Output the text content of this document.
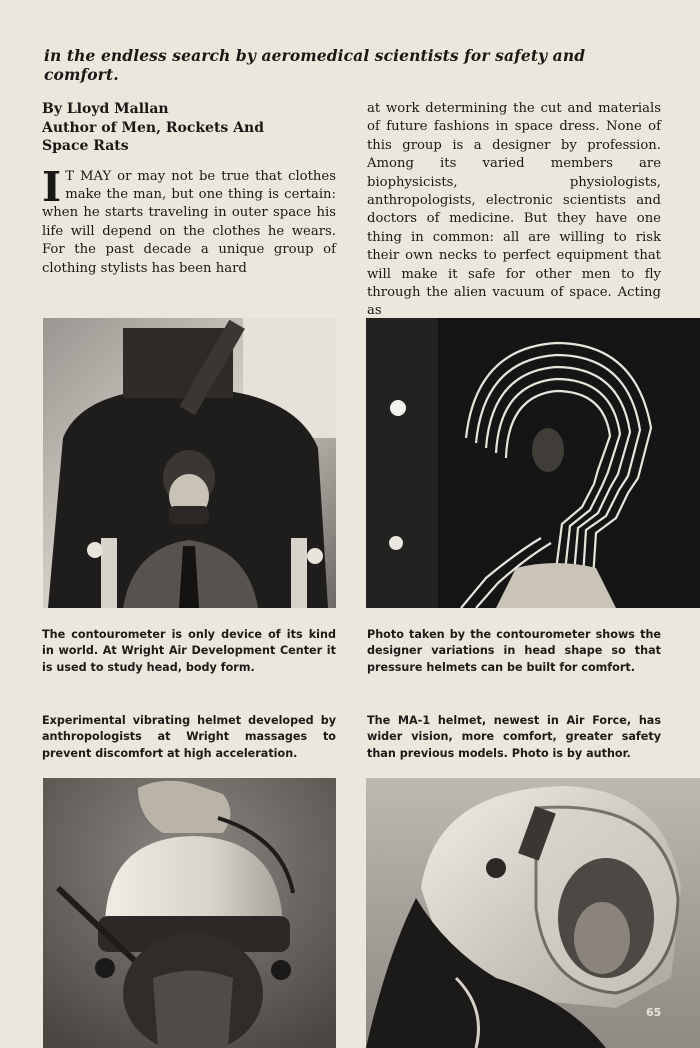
in the endless search by aeromedical scientists for safety and comfort.
By Lloyd Mallan
Author of Men, Rockets And
Space Rats
I T MAY or may not be true that clothes make the man, but one thing is certain: when he starts traveling in outer space his life will depend on the clothes he wears. For the past decade a unique group of clothing stylists has been hard
at work determining the cut and materials of future fashions in space dress. None of this group is a designer by profession. Among its varied members are biophysicists, physiologists, anthropologists, electronic scientists and doctors of medicine. But they have one thing in common: all are willing to risk their own necks to perfect equipment that will make it safe for other men to fly through the alien vacuum of space. Acting as
The contourometer is only device of its kind in world. At Wright Air Development Center it is used to study head, body form.
Photo taken by the contourometer shows the designer variations in head shape so that pressure helmets can be built for comfort.
Experimental vibrating helmet developed by anthropologists at Wright massages to prevent discomfort at high acceleration.
The MA-1 helmet, newest in Air Force, has wider vision, more comfort, greater safety than previous models. Photo is by author.
65
